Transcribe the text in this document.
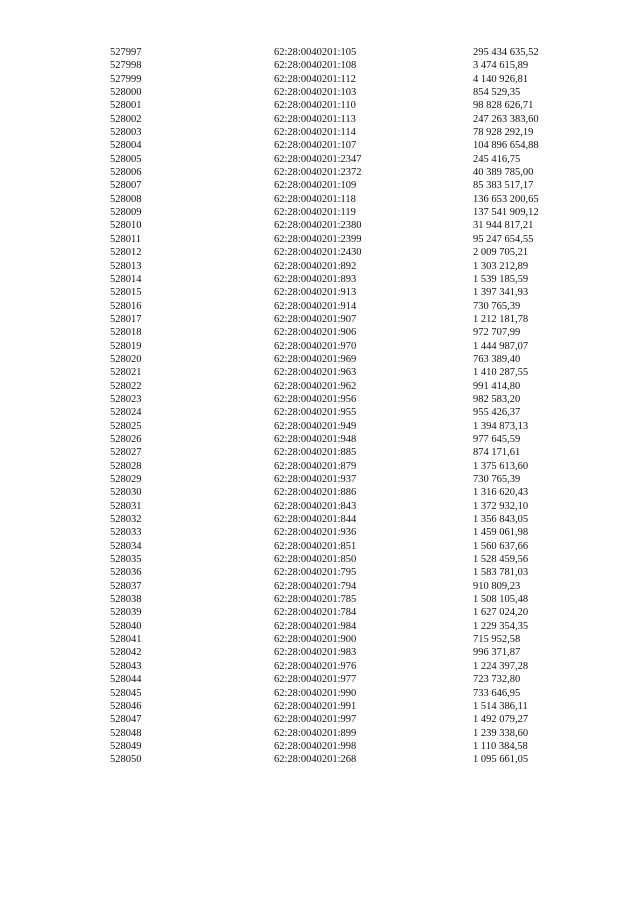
527997	62:28:0040201:105	295 434 635,52
527998	62:28:0040201:108	3 474 615,89
527999	62:28:0040201:112	4 140 926,81
528000	62:28:0040201:103	854 529,35
528001	62:28:0040201:110	98 828 626,71
528002	62:28:0040201:113	247 263 383,60
528003	62:28:0040201:114	78 928 292,19
528004	62:28:0040201:107	104 896 654,88
528005	62:28:0040201:2347	245 416,75
528006	62:28:0040201:2372	40 389 785,00
528007	62:28:0040201:109	85 383 517,17
528008	62:28:0040201:118	136 653 200,65
528009	62:28:0040201:119	137 541 909,12
528010	62:28:0040201:2380	31 944 817,21
528011	62:28:0040201:2399	95 247 654,55
528012	62:28:0040201:2430	2 009 705,21
528013	62:28:0040201:892	1 303 212,89
528014	62:28:0040201:893	1 539 185,59
528015	62:28:0040201:913	1 397 341,93
528016	62:28:0040201:914	730 765,39
528017	62:28:0040201:907	1 212 181,78
528018	62:28:0040201:906	972 707,99
528019	62:28:0040201:970	1 444 987,07
528020	62:28:0040201:969	763 389,40
528021	62:28:0040201:963	1 410 287,55
528022	62:28:0040201:962	991 414,80
528023	62:28:0040201:956	982 583,20
528024	62:28:0040201:955	955 426,37
528025	62:28:0040201:949	1 394 873,13
528026	62:28:0040201:948	977 645,59
528027	62:28:0040201:885	874 171,61
528028	62:28:0040201:879	1 375 613,60
528029	62:28:0040201:937	730 765,39
528030	62:28:0040201:886	1 316 620,43
528031	62:28:0040201:843	1 372 932,10
528032	62:28:0040201:844	1 356 843,05
528033	62:28:0040201:936	1 459 061,98
528034	62:28:0040201:851	1 560 637,66
528035	62:28:0040201:850	1 528 459,56
528036	62:28:0040201:795	1 583 781,03
528037	62:28:0040201:794	910 809,23
528038	62:28:0040201:785	1 508 105,48
528039	62:28:0040201:784	1 627 024,20
528040	62:28:0040201:984	1 229 354,35
528041	62:28:0040201:900	715 952,58
528042	62:28:0040201:983	996 371,87
528043	62:28:0040201:976	1 224 397,28
528044	62:28:0040201:977	723 732,80
528045	62:28:0040201:990	733 646,95
528046	62:28:0040201:991	1 514 386,11
528047	62:28:0040201:997	1 492 079,27
528048	62:28:0040201:899	1 239 338,60
528049	62:28:0040201:998	1 110 384,58
528050	62:28:0040201:268	1 095 661,05
